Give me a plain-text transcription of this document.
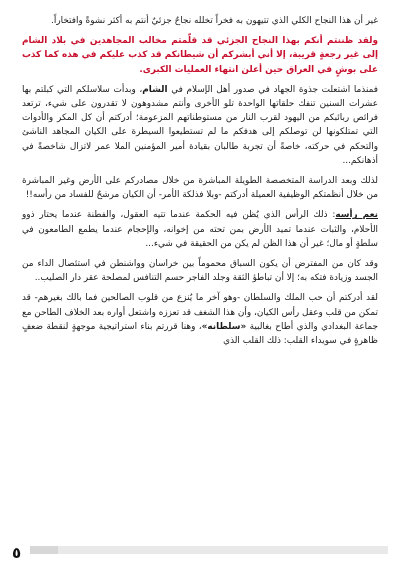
غير أن هذا النجاح الكلي الذي تتيهون به فخراً تخلله نجاحٌ جزئيٌ أنتم به أكثر نشوةً وافتخاراً.

ولقد ظننتم أنكم بهذا النجاح الجزئي قد قلّمتم مخالب المجاهدين في بلاد الشام إلى غير رجعةٍ قريبة، إلا أني أبشركم أن شيطانكم قد كذب عليكم في هذه كما كذب على بوشٍ في العراق حين أعلن انتهاء العمليات الكبرى.

فمنذما اشتعلت جذوة الجهاد في صدور أهل الإسلام في الشام، وبدأت سلاسلكم التي كبلتم بها عشرات السنين تنفك حلقاتها الواحدة تلو الأخرى وأنتم مشدوهون لا تقدرون على شيء، ترتعد فرائص ربائبكم من اليهود لقرب النار من مستوطناتهم المزعومة؛ أدركتم أن كل المكر والأدوات التي تمتلكونها لن توصلكم إلى هدفكم ما لم تستطيعوا السيطرة على الكيان المجاهد الناشئ والتحكم في حركته، خاصةً أن تجربة طالبان بقيادة أمير المؤمنين الملا عمر لاتزال شاخصةً في أذهانكم...

لذلك وبعد الدراسة المتخصصة الطويلة المباشرة من خلال مصادركم على الأرض وغير المباشرة من خلال أنظمتكم الوظيفية العميلة أدركتم -وبلا فذلكة الأمر- أن الكيان مرشحٌ للفساد من رأسه!!

نعم رأسه: ذلك الرأس الذي يُظن فيه الحكمة عندما تتيه العقول، والفطنة عندما يحتار ذوو الأحلام، والثبات عندما تميد الأرض بمن تحته من إخوانه، والإحجام عندما يطمع الطامعون في سلطةٍ أو مال؛ غير أن هذا الظن لم يكن من الحقيقة في شيء...

وقد كان من المفترض أن يكون السباق محموماً بين خراسان وواشنطن في استئصال الداء من الجسد وزيادة فتكه به؛ إلا أن تباطؤ الثقة وجلد الفاجر حسم التنافس لمصلحة عقر دار الصليب..

لقد أدركتم أن حب الملك والسلطان -وهو آخر ما يُنزع من قلوب الصالحين فما بالك بغيرهم- قد تمكن من قلب وعقل رأس الكيان، وأن هذا الشغف قد تعززه واشتعل أواره بعد الخلاف الطاحن مع جماعة البغدادي والذي أطاح بغالبية «سلطانه»، وهنا قررتم بناء استراتيجية موجهةٍ لنقطة ضعفٍ ظاهرةٍ في سويداء القلب: ذلك القلب الذي

٥
